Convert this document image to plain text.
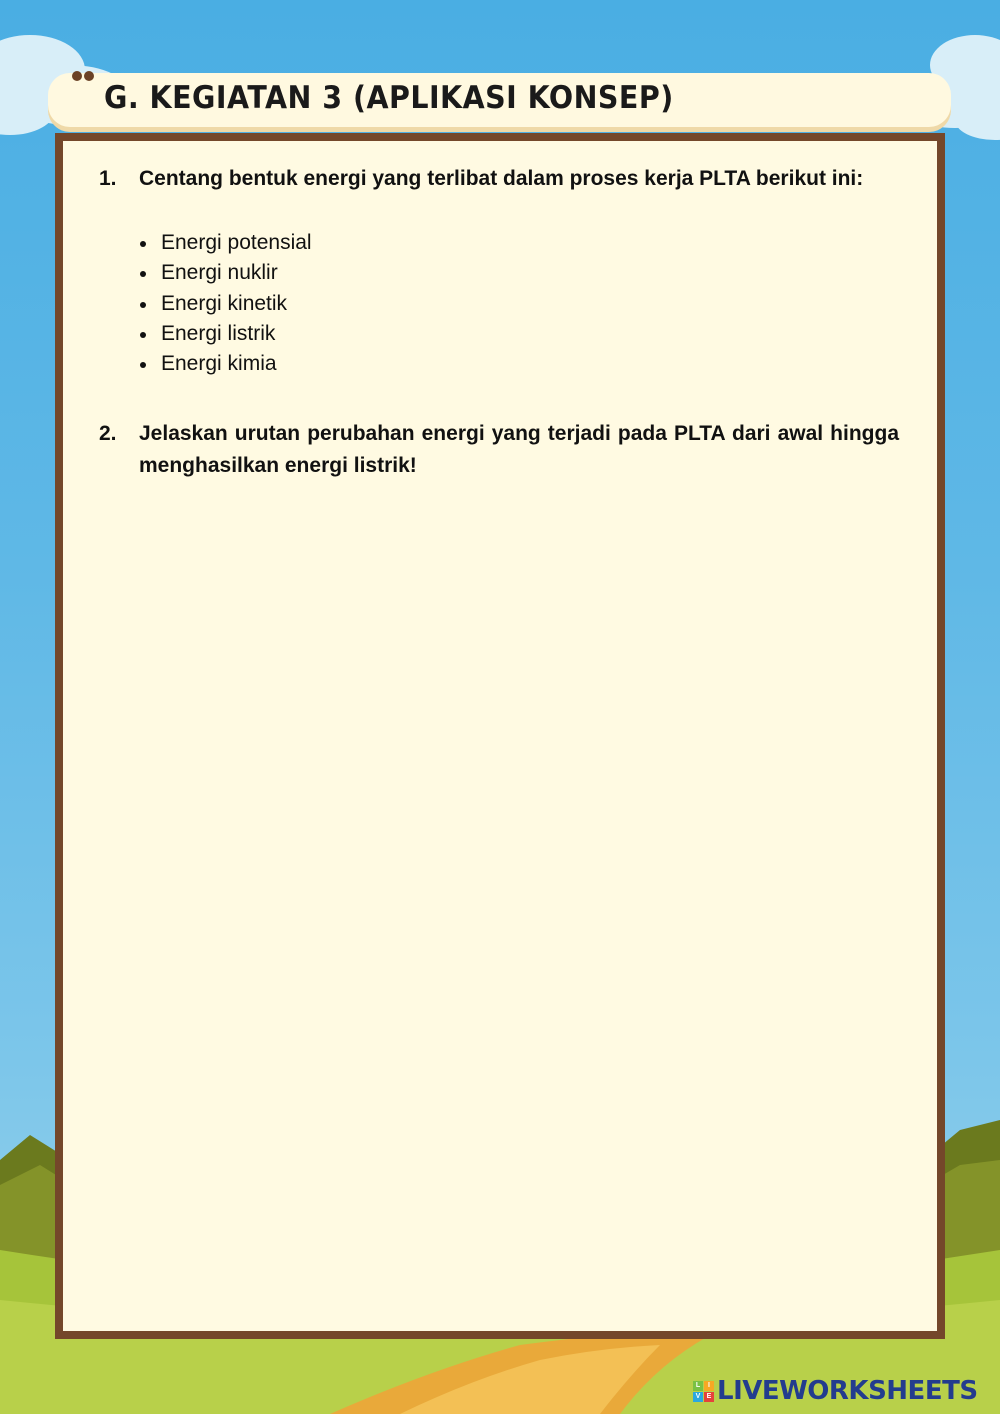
G. KEGIATAN 3 (APLIKASI KONSEP)
1. Centang bentuk energi yang terlibat dalam proses kerja PLTA berikut ini:
Energi potensial
Energi nuklir
Energi kinetik
Energi listrik
Energi kimia
2. Jelaskan urutan perubahan energi yang terjadi pada PLTA dari awal hingga menghasilkan energi listrik!
L	I
V E LIVEWORKSHEETS
